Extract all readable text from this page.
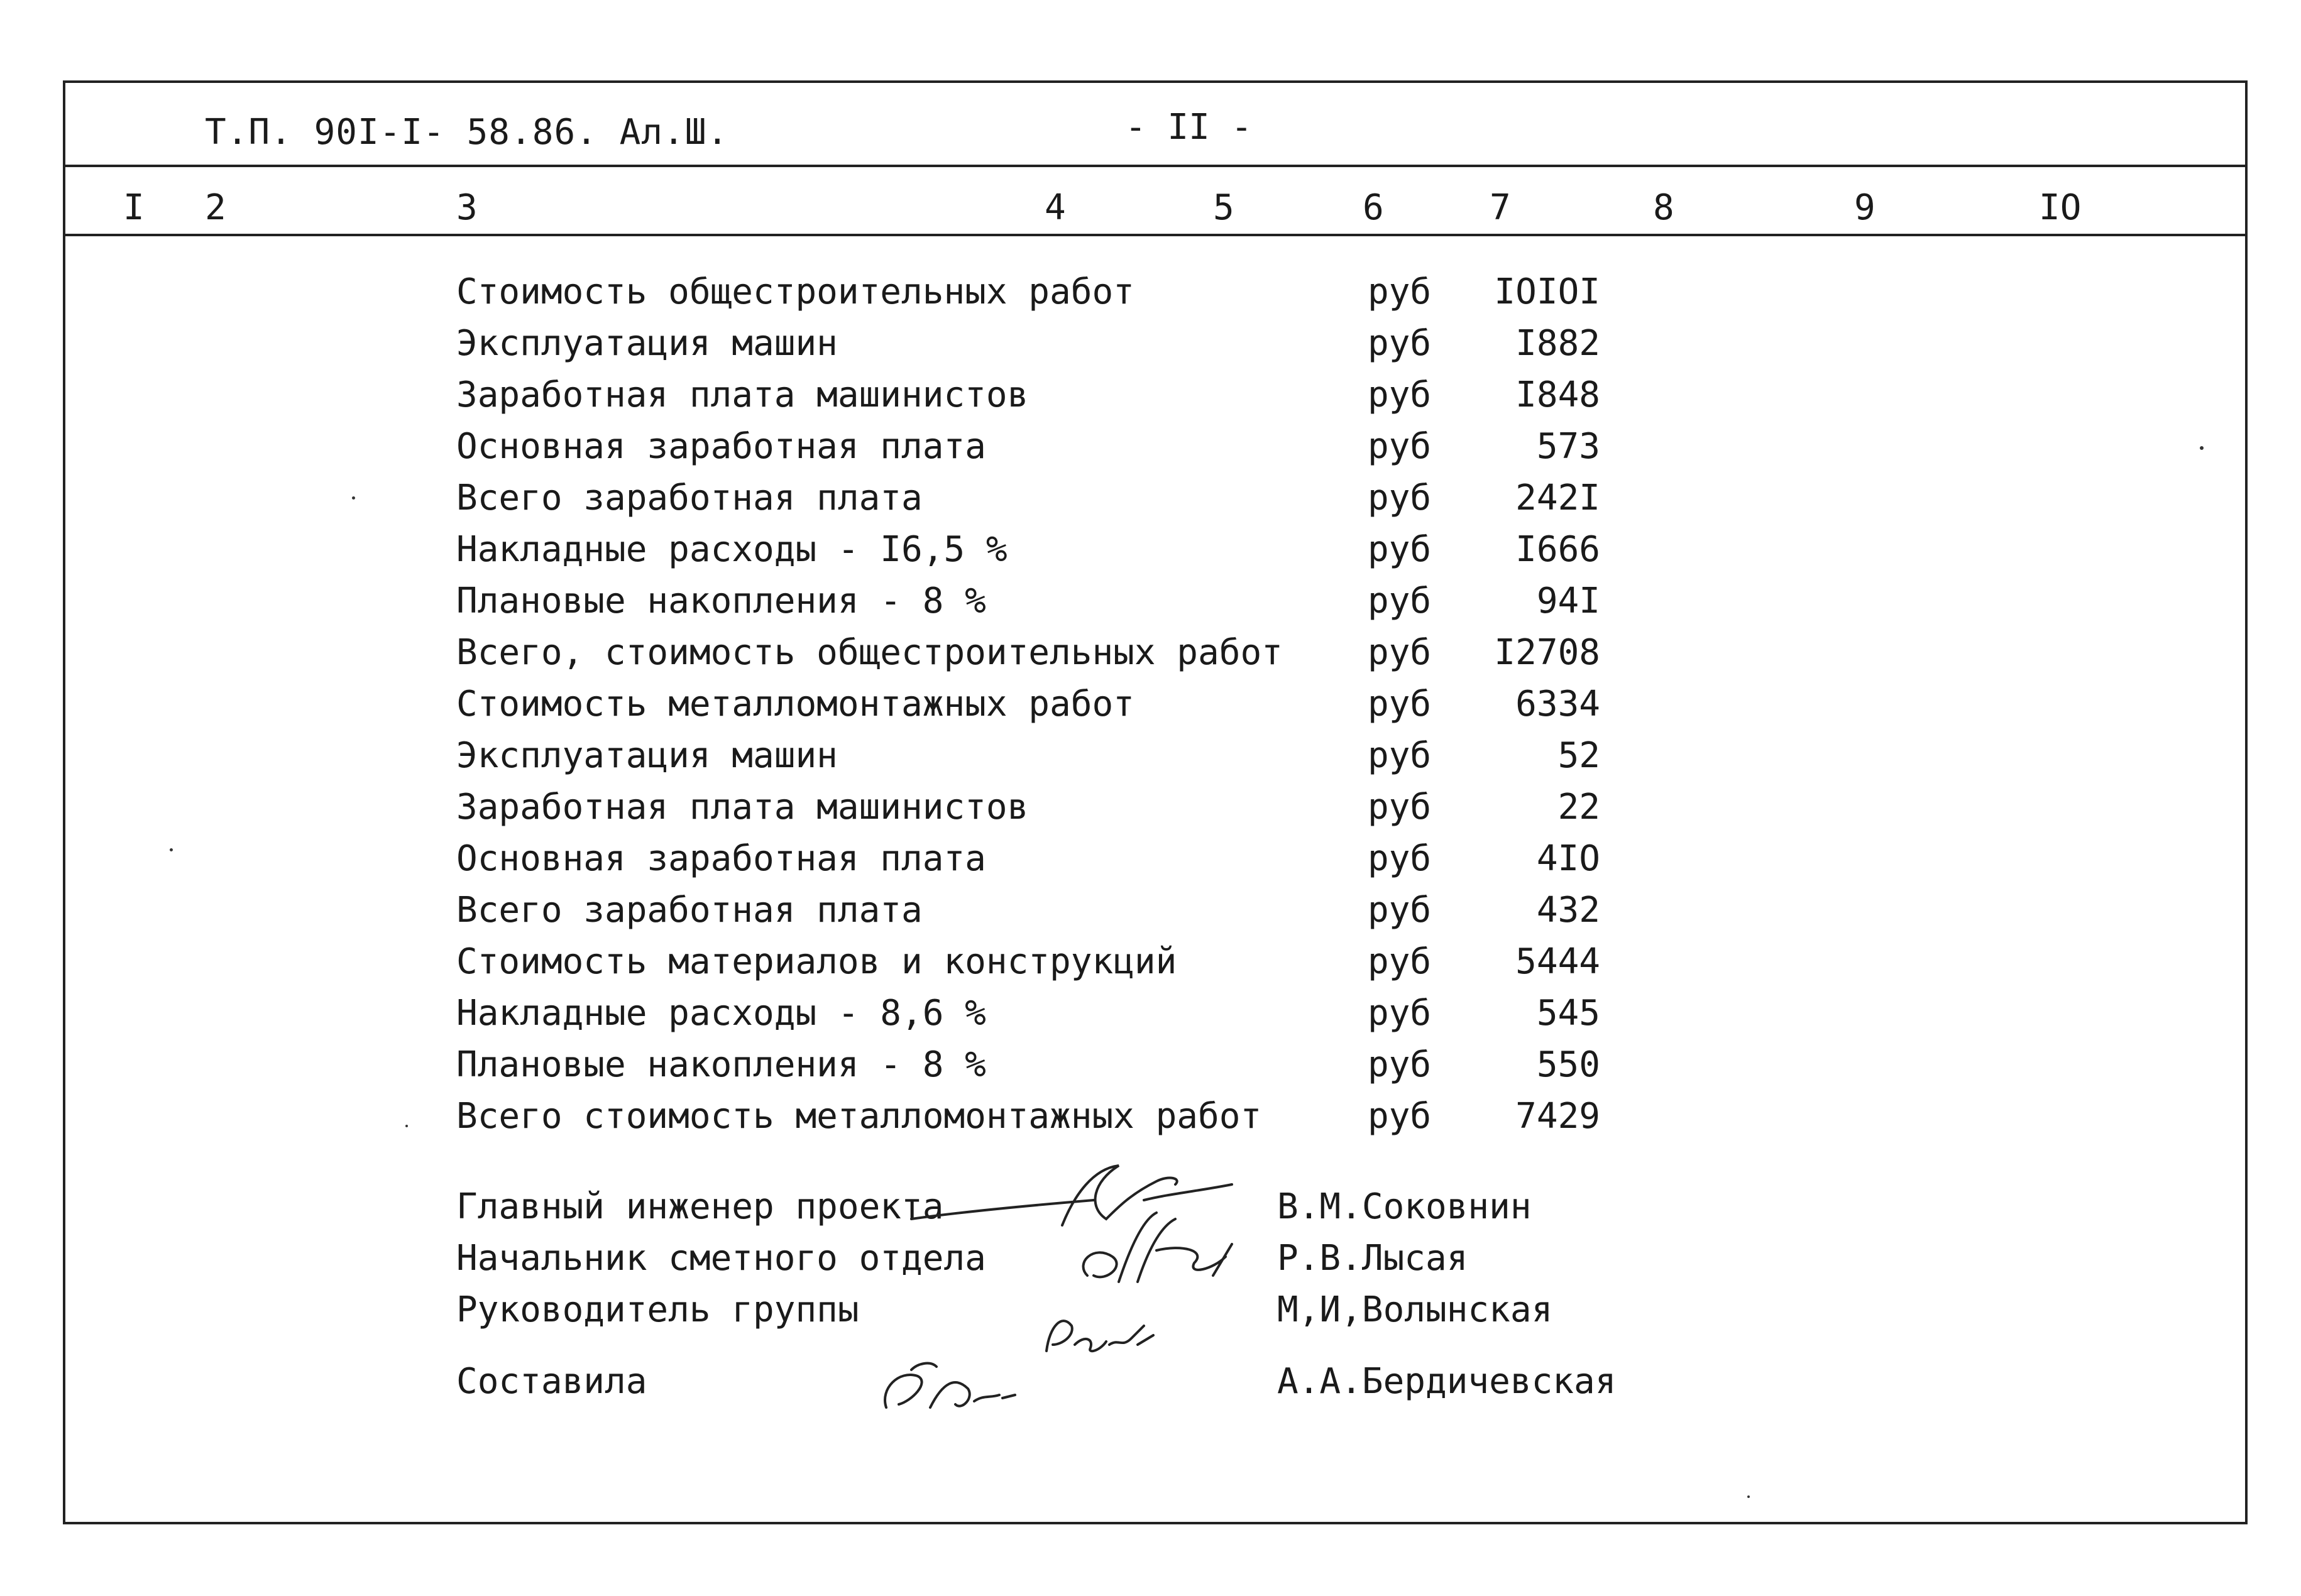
Т.П. 90I-I- 58.86. Ал.Ш.	- II -
I 2	3	4	5	6	7	8	9	IO
Стоимость общестроительных работ	руб	IOIOI
Эксплуатация машин	руб	I882
Заработная плата машинистов	руб	I848
Основная заработная плата	руб	573
Всего заработная плата	руб	242I
Накладные расходы - I6,5 %	руб	I666
Плановые накопления - 8 %	руб	94I
Всего, стоимость общестроительных работ руб	I2708
Стоимость металломонтажных работ	руб	6334
Эксплуатация машин	руб	52
Заработная плата машинистов	руб	22
Основная заработная плата	руб	4IO
Всего заработная плата	руб	432
Стоимость материалов и конструкций	руб	5444
Накладные расходы - 8,6 %	руб	545
Плановые накопления - 8 %	руб	550
Всего стоимость металломонтажных работ	руб	7429
Главный инженер проекта	В.М.Соковнин
Начальник сметного отдела	Р.В.Лысая
Руководитель группы	М,И,Волынская
Составила	А.А.Бердичевская
